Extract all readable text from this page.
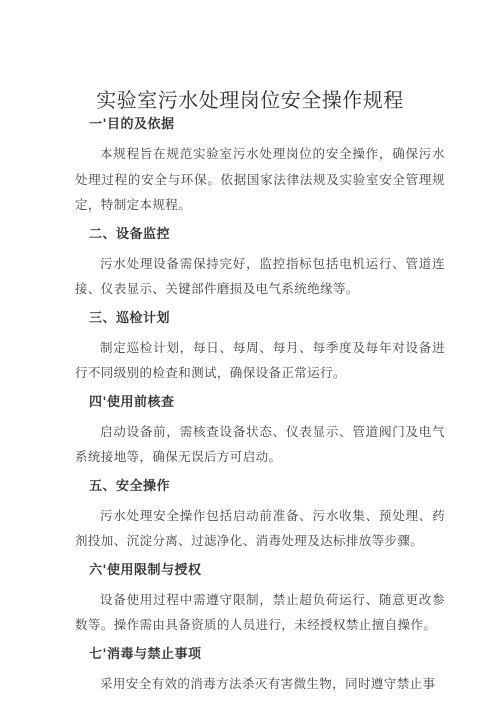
实验室污水处理岗位安全操作规程
一'目的及依据
本规程旨在规范实验室污水处理岗位的安全操作，确保污水处理过程的安全与环保。依据国家法律法规及实验室安全管理规定，特制定本规程。
二、设备监控
污水处理设备需保持完好，监控指标包括电机运行、管道连接、仪表显示、关键部件磨损及电气系统绝缘等。
三、巡检计划
制定巡检计划，每日、每周、每月、每季度及每年对设备进行不同级别的检查和测试，确保设备正常运行。
四'使用前核查
启动设备前，需核查设备状态、仪表显示、管道阀门及电气系统接地等，确保无误后方可启动。
五、安全操作
污水处理安全操作包括启动前准备、污水收集、预处理、药剂投加、沉淀分离、过滤净化、消毒处理及达标排放等步骤。
六'使用限制与授权
设备使用过程中需遵守限制，禁止超负荷运行、随意更改参数等。操作需由具备资质的人员进行，未经授权禁止擅自操作。
七'消毒与禁止事项
采用安全有效的消毒方法杀灭有害微生物，同时遵守禁止事
